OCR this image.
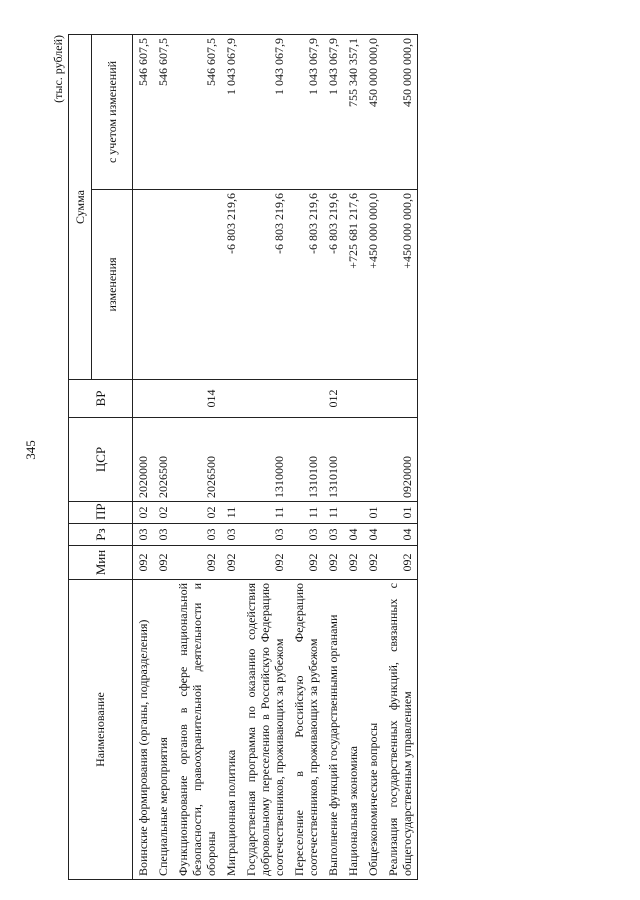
345
(тыс. рублей)
Наименование	Мин	Рз	ПР	ЦСР	ВР	Сумма	
						изменения	с учетом изменений
Воинские формирования (органы, подразделения)	092	03	02	2020000			546 607,5
Специальные мероприятия	092	03	02	2026500			546 607,5
Функционирование органов в сфере национальной безопасности, правоохранительной деятельности и обороны	092	03	02	2026500	014		546 607,5
Миграционная политика	092	03	11			-6 803 219,6	1 043 067,9
Государственная программа по оказанию содействия добровольному переселению в Российскую Федерацию соотечественников, проживающих за рубежом	092	03	11	1310000		-6 803 219,6	1 043 067,9
Переселение в Российскую Федерацию соотечественников, проживающих за рубежом	092	03	11	1310100		-6 803 219,6	1 043 067,9
Выполнение функций государственными органами	092	03	11	1310100	012	-6 803 219,6	1 043 067,9
Национальная экономика	092	04				+725 681 217,6	755 340 357,1
Общеэкономические вопросы	092	04	01			+450 000 000,0	450 000 000,0
Реализация государственных функций, связанных с общегосударственным управлением	092	04	01	0920000		+450 000 000,0	450 000 000,0
